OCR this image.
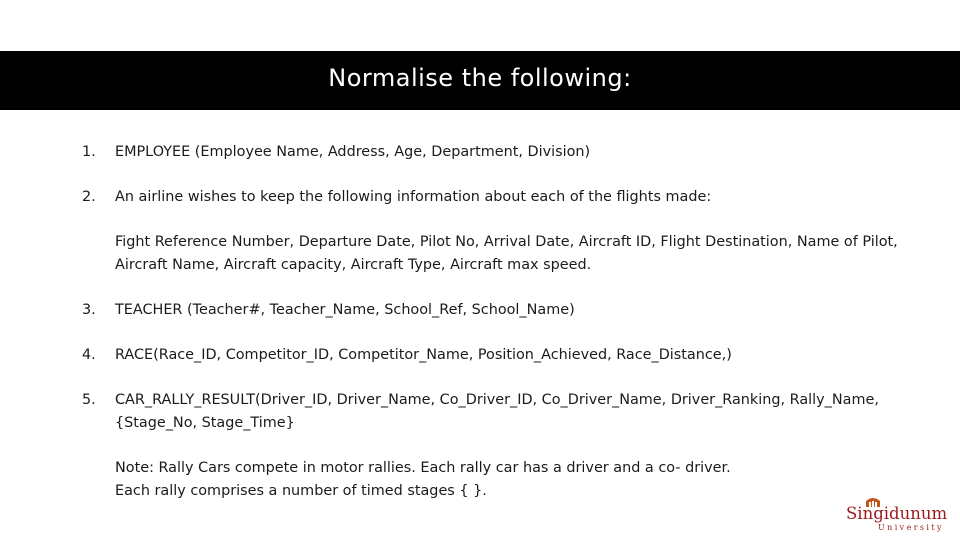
Normalise the following:
1.	EMPLOYEE (Employee Name, Address, Age, Department, Division)
2.	An airline wishes to keep the following information about each of the flights made:
Fight Reference Number, Departure Date, Pilot No, Arrival Date, Aircraft ID, Flight Destination, Name of Pilot,
Aircraft Name, Aircraft capacity, Aircraft Type, Aircraft max speed.
3.	TEACHER (Teacher#, Teacher_Name, School_Ref, School_Name)
4.	RACE(Race_ID, Competitor_ID, Competitor_Name, Position_Achieved, Race_Distance,)
5.	CAR_RALLY_RESULT(Driver_ID, Driver_Name, Co_Driver_ID, Co_Driver_Name, Driver_Ranking, Rally_Name,
{Stage_No, Stage_Time}
Note: Rally Cars compete in motor rallies. Each rally car has a driver and a co- driver.
Each rally comprises a number of timed stages { }.
Singidunum
University
